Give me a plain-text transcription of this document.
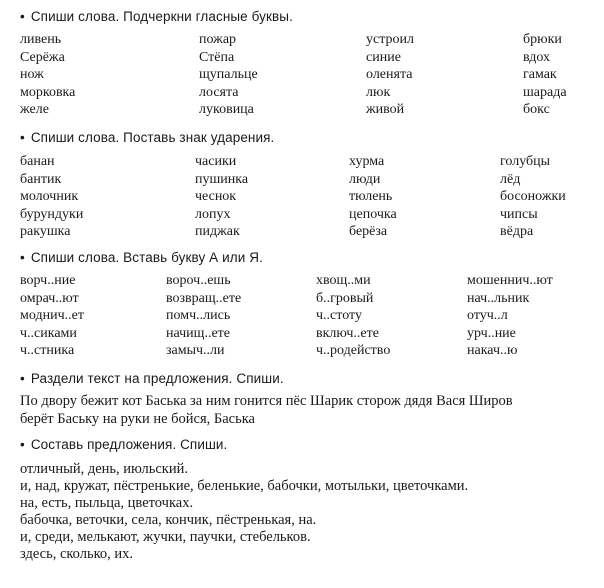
• Спиши слова. Подчеркни гласные буквы.
ливень
Серёжа
нож
морковка
желе
пожар
Стёпа
щупальце
лосята
луковица
устроил
синие
оленята
люк
живой
брюки
вдох
гамак
шарада
бокс
• Спиши слова. Поставь знак ударения.
банан
бантик
молочник
бурундуки
ракушка
часики
пушинка
чеснок
лопух
пиджак
хурма
люди
тюлень
цепочка
берёза
голубцы
лёд
босоножки
чипсы
вёдра
• Спиши слова. Вставь букву А или Я.
ворч..ние
омрач..ют
моднич..ет
ч..сиками
ч..стника
вороч..ешь
возвращ..ете
помч..лись
начищ..ете
замыч..ли
хвощ..ми
б..гровый
ч..стоту
включ..ете
ч..родейство
мошеннич..ют
нач..льник
отуч..л
урч..ние
накач..ю
• Раздели текст на предложения. Спиши.
По двору бежит кот Баська за ним гонится пёс Шарик сторож дядя Вася Широв
берёт Баську на руки не бойся, Баська
• Составь предложения. Спиши.
отличный, день, июльский.
и, над, кружат, пёстренькие, беленькие, бабочки, мотыльки, цветочками.
на, есть, пыльца, цветочках.
бабочка, веточки, села, кончик, пёстренькая, на.
и, среди, мелькают, жучки, паучки, стебельков.
здесь, сколько, их.
